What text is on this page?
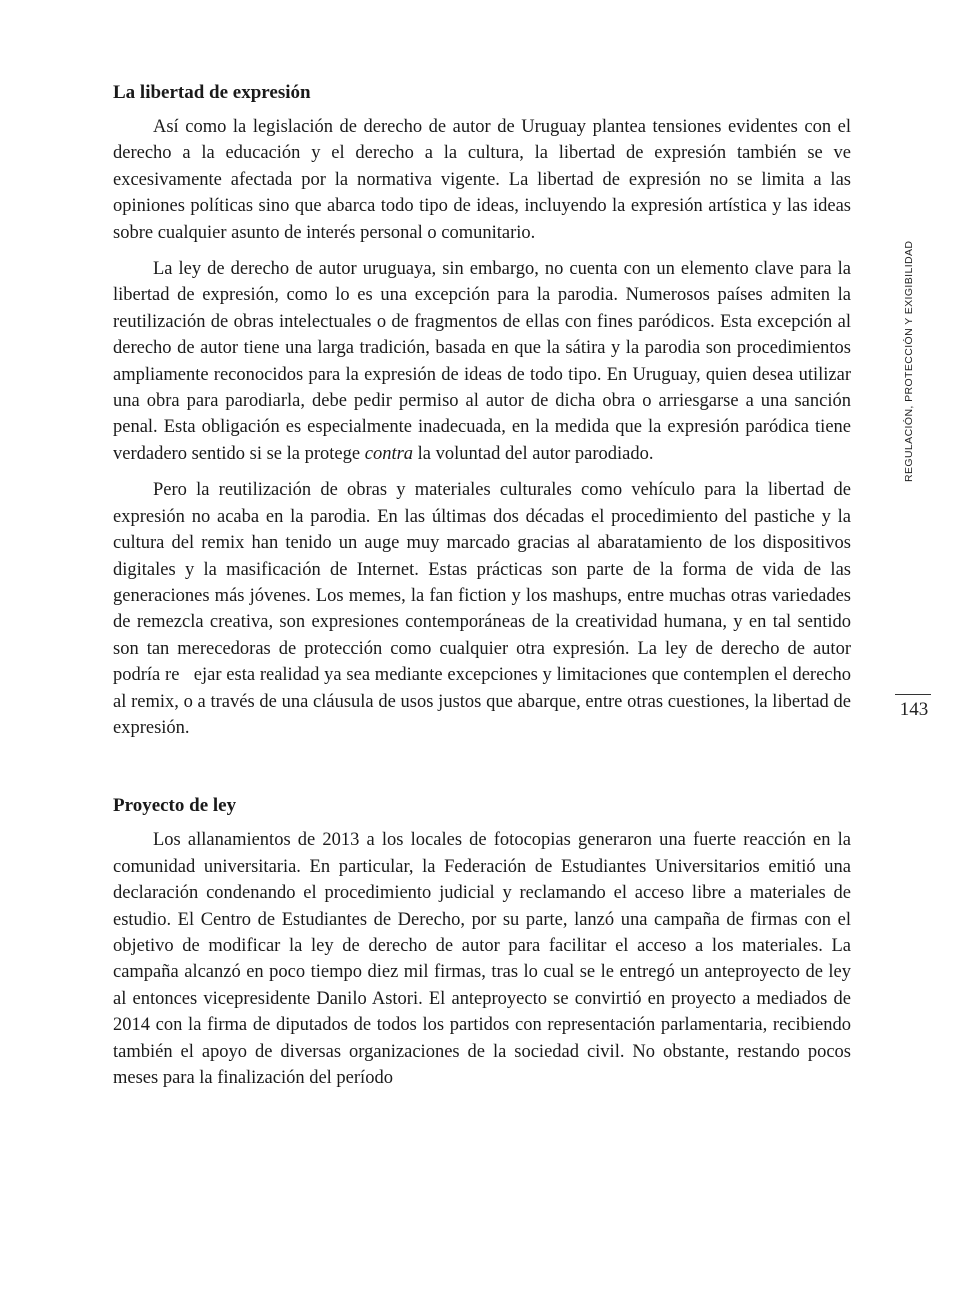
La libertad de expresión

Así como la legislación de derecho de autor de Uruguay plantea tensiones evidentes con el derecho a la educación y el derecho a la cultura, la libertad de expresión también se ve excesivamente afectada por la normativa vigente. La libertad de expresión no se limita a las opiniones políticas sino que abarca todo tipo de ideas, incluyendo la expresión artística y las ideas sobre cualquier asunto de interés personal o comunitario.

La ley de derecho de autor uruguaya, sin embargo, no cuenta con un elemento clave para la libertad de expresión, como lo es una excepción para la parodia. Numerosos países admiten la reutilización de obras intelectuales o de fragmentos de ellas con fines paródicos. Esta excepción al derecho de autor tiene una larga tradición, basada en que la sátira y la parodia son procedimientos ampliamente reconocidos para la expresión de ideas de todo tipo. En Uruguay, quien desea utilizar una obra para parodiarla, debe pedir permiso al autor de dicha obra o arriesgarse a una sanción penal. Esta obligación es especialmente inadecuada, en la medida que la expresión paródica tiene verdadero sentido si se la protege contra la voluntad del autor parodiado.

Pero la reutilización de obras y materiales culturales como vehículo para la libertad de expresión no acaba en la parodia. En las últimas dos décadas el procedimiento del pastiche y la cultura del remix han tenido un auge muy marcado gracias al abaratamiento de los dispositivos digitales y la masificación de Internet. Estas prácticas son parte de la forma de vida de las generaciones más jóvenes. Los memes, la fan fiction y los mashups, entre muchas otras variedades de remezcla creativa, son expresiones contemporáneas de la creatividad humana, y en tal sentido son tan merecedoras de protección como cualquier otra expresión. La ley de derecho de autor podría re ejar esta realidad ya sea mediante excepciones y limitaciones que contemplen el derecho al remix, o a través de una cláusula de usos justos que abarque, entre otras cuestiones, la libertad de expresión.

Proyecto de ley

Los allanamientos de 2013 a los locales de fotocopias generaron una fuerte reacción en la comunidad universitaria. En particular, la Federación de Estudiantes Universitarios emitió una declaración condenando el procedimiento judicial y reclamando el acceso libre a materiales de estudio. El Centro de Estudiantes de Derecho, por su parte, lanzó una campaña de firmas con el objetivo de modificar la ley de derecho de autor para facilitar el acceso a los materiales. La campaña alcanzó en poco tiempo diez mil firmas, tras lo cual se le entregó un anteproyecto de ley al entonces vicepresidente Danilo Astori. El anteproyecto se convirtió en proyecto a mediados de 2014 con la firma de diputados de todos los partidos con representación parlamentaria, recibiendo también el apoyo de diversas organizaciones de la sociedad civil. No obstante, restando pocos meses para la finalización del período

REGULACIÓN, PROTECCIÓN Y EXIGIBILIDAD
143
